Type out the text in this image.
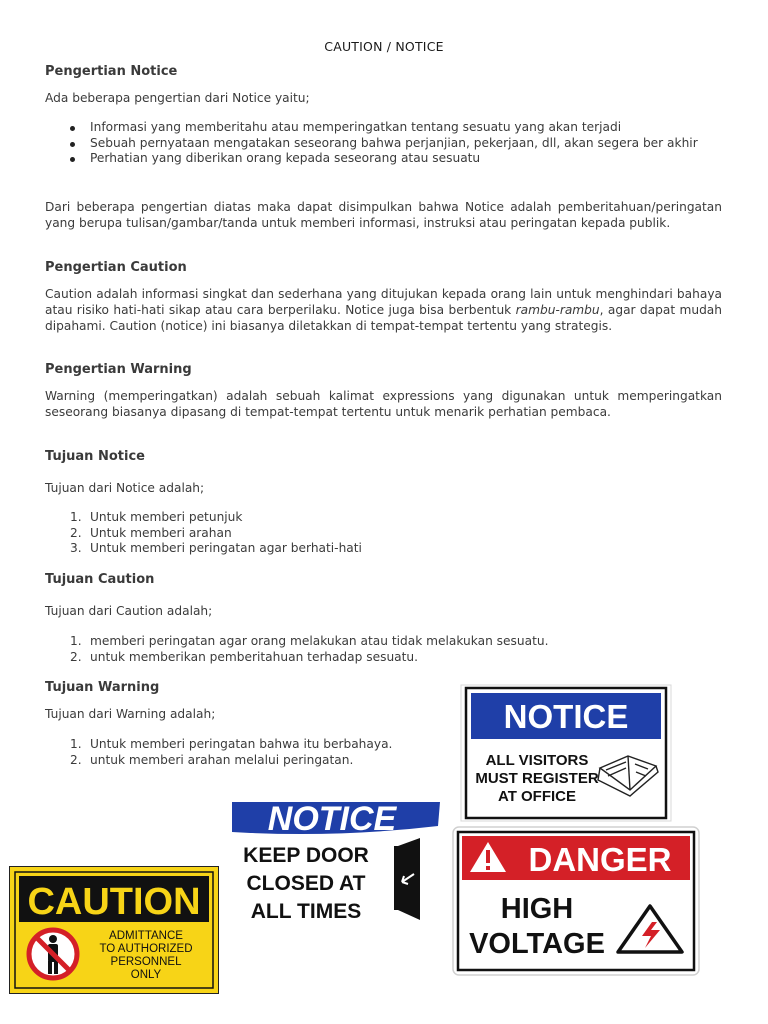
CAUTION / NOTICE
Pengertian Notice
Ada beberapa pengertian dari Notice yaitu;
Informasi yang memberitahu atau memperingatkan tentang sesuatu yang akan terjadi
Sebuah pernyataan mengatakan seseorang bahwa perjanjian, pekerjaan, dll, akan segera ber akhir
Perhatian yang diberikan orang kepada seseorang atau sesuatu
Dari beberapa pengertian diatas maka dapat disimpulkan bahwa Notice adalah pemberitahuan/peringatan yang berupa tulisan/gambar/tanda untuk memberi informasi, instruksi atau peringatan kepada publik.
Pengertian Caution
Caution adalah informasi singkat dan sederhana yang ditujukan kepada orang lain untuk menghindari bahaya atau risiko hati-hati sikap atau cara berperilaku. Notice juga bisa berbentuk rambu-rambu, agar dapat mudah dipahami. Caution (notice) ini biasanya diletakkan di tempat-tempat tertentu yang strategis.
Pengertian Warning
Warning (memperingatkan) adalah sebuah kalimat expressions yang digunakan untuk memperingatkan seseorang biasanya dipasang di tempat-tempat tertentu untuk menarik perhatian pembaca.
Tujuan Notice
Tujuan dari Notice adalah;
1. Untuk memberi petunjuk
2. Untuk memberi arahan
3. Untuk memberi peringatan agar berhati-hati
Tujuan Caution
Tujuan dari Caution adalah;
1. memberi peringatan agar orang melakukan atau tidak melakukan sesuatu.
2. untuk memberikan pemberitahuan terhadap sesuatu.
Tujuan Warning
Tujuan dari Warning adalah;
1. Untuk memberi peringatan bahwa itu berbahaya.
2. untuk memberi arahan melalui peringatan.
NOTICE
ALL VISITORS
MUST REGISTER
AT OFFICE
NOTICE
KEEP DOOR
CLOSED AT
ALL TIMES
DANGER
HIGH
VOLTAGE
CAUTION
ADMITTANCE
TO AUTHORIZED
PERSONNEL
ONLY
